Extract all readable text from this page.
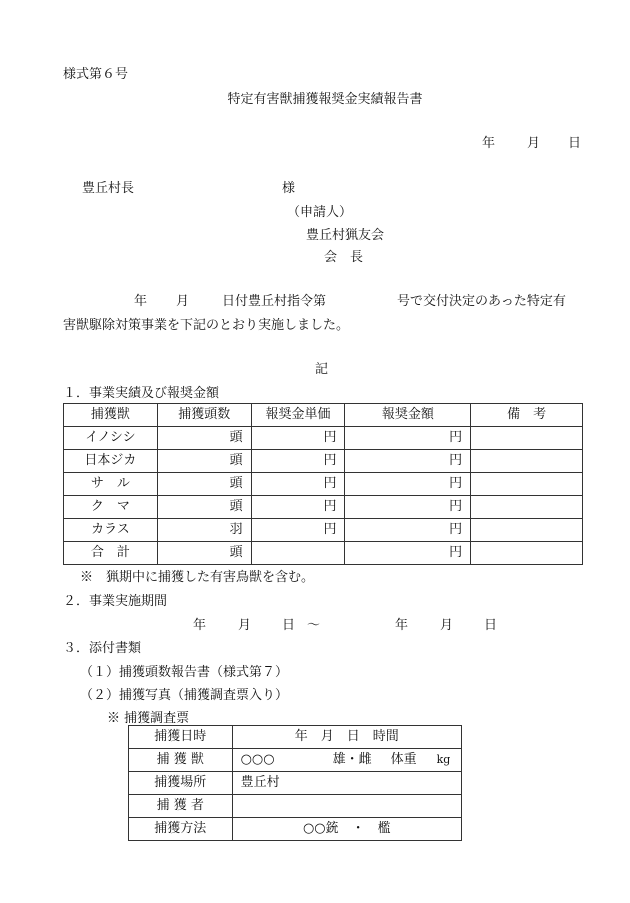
様式第６号
特定有害獣捕獲報奨金実績報告書
年 月 日
豊丘村長	様
（申請人）
豊丘村猟友会
会　長
年 月	日付豊丘村指令第	号で交付決定のあった特定有
害獣駆除対策事業を下記のとおり実施しました。
記
１．事業実績及び報奨金額
捕獲獣	捕獲頭数	報奨金単価	報奨金額	備　考
イノシシ	頭	円	円	
日本ジカ	頭	円	円	
サ　ル	頭	円	円	
ク　マ	頭	円	円	
カラス	羽	円	円	
合　計	頭		円	
※　猟期中に捕獲した有害鳥獣を含む。
２．事業実施期間
年 月 日 ～	年 月 日
３．添付書類
（１）捕獲頭数報告書（様式第７）
（２）捕獲写真（捕獲調査票入り）
※ 捕獲調査票
捕獲日時	年　月　日　時間
捕 獲 獣	○○○ 雄・雌 体重 kg
捕獲場所	豊丘村
捕 獲 者	
捕獲方法	○○銃　・　檻
